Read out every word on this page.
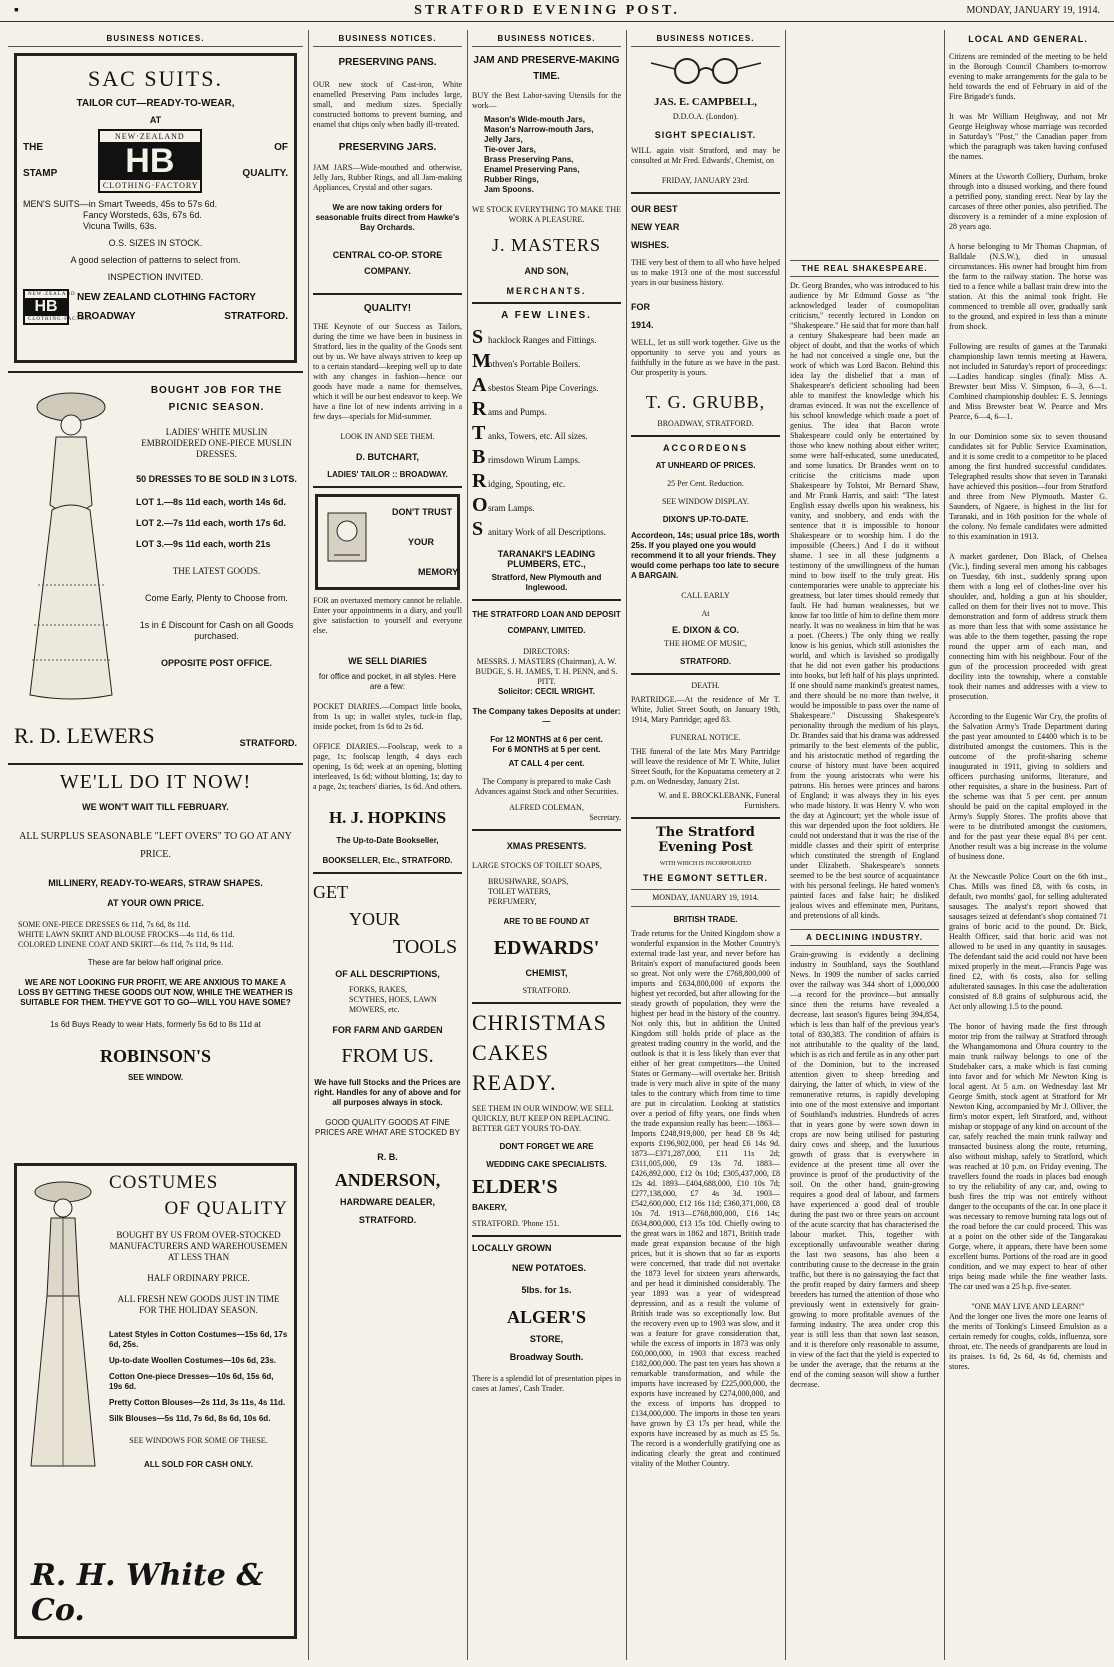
▪	STRATFORD EVENING POST.	MONDAY, JANUARY 19, 1914.
BUSINESS NOTICES.
SAC SUITS.
TAILOR CUT—READY-TO-WEAR,
AT
THE
STAMP
NEW·ZEALAND
HB
CLOTHING·FACTORY
OF
QUALITY.
MEN'S SUITS—in Smart Tweeds, 45s to 57s 6d.
Fancy Worsteds, 63s, 67s 6d.
Vicuna Twills, 63s.
O.S. SIZES IN STOCK.
A good selection of patterns to select from.
INSPECTION INVITED.
NEW·ZEALAND
HB
CLOTHING·FACTORY
NEW ZEALAND CLOTHING FACTORY
BROADWAY	STRATFORD.
BOUGHT JOB FOR THE
PICNIC SEASON.
LADIES' WHITE MUSLIN EMBROIDERED ONE-PIECE MUSLIN DRESSES.
50 DRESSES TO BE SOLD IN 3 LOTS.
LOT 1.—8s 11d each, worth 14s 6d.
LOT 2.—7s 11d each, worth 17s 6d.
LOT 3.—9s 11d each, worth 21s
THE LATEST GOODS.
Come Early, Plenty to Choose from.
1s in £ Discount for Cash on all Goods purchased.
OPPOSITE POST OFFICE.
R. D. LEWERS	STRATFORD.
WE'LL DO IT NOW!
WE WON'T WAIT TILL FEBRUARY.
ALL SURPLUS SEASONABLE "LEFT OVERS" TO GO AT ANY PRICE.
MILLINERY, READY-TO-WEARS, STRAW SHAPES.
AT YOUR OWN PRICE.
SOME ONE-PIECE DRESSES 6s 11d, 7s 6d, 8s 11d.
WHITE LAWN SKIRT AND BLOUSE FROCKS—4s 11d, 6s 11d.
COLORED LINENE COAT AND SKIRT—6s 11d, 7s 11d, 9s 11d.
These are far below half original price.
WE ARE NOT LOOKING FUR PROFIT, WE ARE ANXIOUS TO MAKE A LOSS BY GETTING THESE GOODS OUT NOW, WHILE THE WEATHER IS SUITABLE FOR THEM. THEY'VE GOT TO GO—WILL YOU HAVE SOME?
1s 6d Buys Ready to wear Hats, formerly 5s 6d to 8s 11d at
ROBINSON'S
SEE WINDOW.
COSTUMES
OF QUALITY
BOUGHT BY US FROM OVER-STOCKED MANUFACTURERS AND WAREHOUSEMEN AT LESS THAN
HALF ORDINARY PRICE.
ALL FRESH NEW GOODS JUST IN TIME FOR THE HOLIDAY SEASON.
Latest Styles in Cotton Costumes—15s 6d, 17s 6d, 25s.
Up-to-date Woollen Costumes—10s 6d, 23s.
Cotton One-piece Dresses—10s 6d, 15s 6d, 19s 6d.
Pretty Cotton Blouses—2s 11d, 3s 11s, 4s 11d.
Silk Blouses—5s 11d, 7s 6d, 8s 6d, 10s 6d.
SEE WINDOWS FOR SOME OF THESE.
ALL SOLD FOR CASH ONLY.
R. H. White & Co.
BUSINESS NOTICES.
PRESERVING PANS.
OUR new stock of Cast-iron, White enamelled Preserving Pans includes large, small, and medium sizes. Specially constructed bottoms to prevent burning, and enamel that chips only when badly ill-treated.
PRESERVING JARS.
JAM JARS—Wide-mouthed and otherwise, Jelly Jars, Rubber Rings, and all Jam-making Appliances, Crystal and other sugars.
We are now taking orders for seasonable fruits direct from Hawke's Bay Orchards.
CENTRAL CO-OP. STORE COMPANY.
QUALITY!
THE Keynote of our Success as Tailors, during the time we have been in business in Stratford, lies in the quality of the Goods sent out by us. We have always striven to keep up to a certain standard—keeping well up to date with any changes in fashion—hence our goods have made a name for themselves, which it will be our best endeavor to keep. We have a fine lot of new indents arriving in a few days—specials for Mid-summer.
LOOK IN AND SEE THEM.
D. BUTCHART,
LADIES' TAILOR :: BROADWAY.
DON'T TRUST
YOUR
MEMORY
FOR an overtaxed memory cannot be reliable. Enter your appointments in a diary, and you'll give satisfaction to yourself and everyone else.
WE SELL DIARIES
for office and pocket, in all styles. Here are a few:
POCKET DIARIES.—Compact little books, from 1s up; in wallet styles, tuck-in flap, inside pocket, from 1s 6d to 2s 6d.
OFFICE DIARIES.—Foolscap, week to a page, 1s; foolscap length, 4 days each opening, 1s 6d; week at an opening, blotting interleaved, 1s 6d; without blotting, 1s; day to a page, 2s; teachers' diaries, 1s 6d. And others.
H. J. HOPKINS
The Up-to-Date Bookseller,
BOOKSELLER, Etc., STRATFORD.
GET
YOUR
TOOLS
OF ALL DESCRIPTIONS,
FORKS, RAKES, SCYTHES, HOES, LAWN MOWERS, etc.
FOR FARM AND GARDEN
FROM US.
We have full Stocks and the Prices are right. Handles for any of above and for all purposes always in stock.
GOOD QUALITY GOODS AT FINE PRICES ARE WHAT ARE STOCKED BY
R. B.
ANDERSON,
HARDWARE DEALER,
STRATFORD.
BUSINESS NOTICES.
JAM AND PRESERVE-MAKING TIME.
BUY the Best Labor-saving Utensils for the work—
Mason's Wide-mouth Jars,
Mason's Narrow-mouth Jars,
Jelly Jars,
Tie-over Jars,
Brass Preserving Pans,
Enamel Preserving Pans,
Rubber Rings,
Jam Spoons.
WE STOCK EVERYTHING TO MAKE THE WORK A PLEASURE.
J. MASTERS
AND SON,
MERCHANTS.
A FEW LINES.
Shacklock Ranges and Fittings.
Mothven's Portable Boilers.
Asbestos Steam Pipe Coverings.
Rams and Pumps.
Tanks, Towers, etc. All sizes.
Brimsdown Wirum Lamps.
Ridging, Spouting, etc.
Osram Lamps.
Sanitary Work of all Descriptions.
TARANAKI'S LEADING PLUMBERS, ETC.,
Stratford, New Plymouth and Inglewood.
THE STRATFORD LOAN AND DEPOSIT COMPANY, LIMITED.
DIRECTORS:
MESSRS. J. MASTERS (Chairman), A. W. BUDGE, S. H. JAMES, T. H. PENN, and S. PITT.
Solicitor: CECIL WRIGHT.
The Company takes Deposits at under:—
For 12 MONTHS at 6 per cent.
For 6 MONTHS at 5 per cent.
AT CALL 4 per cent.
The Company is prepared to make Cash Advances against Stock and other Securities.
ALFRED COLEMAN,
Secretary.
XMAS PRESENTS.
LARGE STOCKS OF TOILET SOAPS,
BRUSHWARE, SOAPS, TOILET WATERS, PERFUMERY,
ARE TO BE FOUND AT
EDWARDS'
CHEMIST,
STRATFORD.
CHRISTMAS
CAKES
READY.
SEE THEM IN OUR WINDOW. WE SELL QUICKLY, BUT KEEP ON REPLACING. BETTER GET YOURS TO-DAY.
DON'T FORGET WE ARE
WEDDING CAKE SPECIALISTS.
ELDER'S
BAKERY,
STRATFORD. 'Phone 151.
LOCALLY GROWN
NEW POTATOES.
5lbs. for 1s.
ALGER'S
STORE,
Broadway South.
There is a splendid lot of presentation pipes in cases at James', Cash Trader.
BUSINESS NOTICES.
JAS. E. CAMPBELL,
D.D.O.A. (London).
SIGHT SPECIALIST.
WILL again visit Stratford, and may be consulted at Mr Fred. Edwards', Chemist, on
FRIDAY, JANUARY 23rd.
OUR BEST
NEW YEAR
WISHES.
THE very best of them to all who have helped us to make 1913 one of the most successful years in our business history.
FOR
1914.
WELL, let us still work together. Give us the opportunity to serve you and yours as faithfully in the future as we have in the past. Our prosperity is yours.
T. G. GRUBB,
BROADWAY, STRATFORD.
ACCORDEONS
AT UNHEARD OF PRICES.
25 Per Cent. Reduction.
SEE WINDOW DISPLAY.
DIXON'S UP-TO-DATE.
Accordeon, 14s; usual price 18s, worth 25s. If you played one you would recommend it to all your friends. They would come perhaps too late to secure A BARGAIN.
CALL EARLY
At
E. DIXON & CO.
THE HOME OF MUSIC,
STRATFORD.
DEATH.
PARTRIDGE.—At the residence of Mr T. White, Juliet Street South, on January 19th, 1914, Mary Partridge; aged 83.
FUNERAL NOTICE.
THE funeral of the late Mrs Mary Partridge will leave the residence of Mr T. White, Juliet Street South, for the Kopuatama cemetery at 2 p.m. on Wednesday, January 21st.
W. and E. BROCKLEBANK, Funeral Furnishers.
The Stratford Evening Post
WITH WHICH IS INCORPORATED
THE EGMONT SETTLER.
MONDAY, JANUARY 19, 1914.
BRITISH TRADE.
Trade returns for the United Kingdom show a wonderful expansion in the Mother Country's external trade last year, and never before has Britain's export of manufactured goods been so great. Not only were the £768,800,000 of imports and £634,800,000 of exports the highest yet recorded, but after allowing for the steady growth of population, they were the highest per head in the history of the country. Not only this, but in addition the United Kingdom still holds pride of place as the greatest trading country in the world, and the outlook is that it is less likely than ever that either of her great competitors—the United States or Germany—will overtake her. British trade is very much alive in spite of the many tales to the contrary which from time to time are put in circulation. Looking at statistics over a period of fifty years, one finds when the trade expansion really has been:—1863—Imports £248,919,000, per head £8 9s 4d; exports £196,902,000, per head £6 14s 9d. 1873—£371,287,000, £11 11s 2d; £311,005,000, £9 13s 7d. 1883—£426,892,000, £12 0s 10d; £305,437,000, £8 12s 4d. 1893—£404,688,000, £10 10s 7d; £277,138,000, £7 4s 3d. 1903—£542,600,000, £12 16s 11d; £360,371,000, £8 10s 7d. 1913—£768,800,000, £16 14s; £634,800,000, £13 15s 10d. Chiefly owing to the great wars in 1862 and 1871, British trade made great expansion because of the high prices, but it is shown that so far as exports were concerned, that trade did not overtake the 1873 level for sixteen years afterwards, and per head it diminished considerably. The year 1893 was a year of widespread depression, and as a result the volume of British trade was so exceptionally low. But the recovery even up to 1903 was slow, and it was a feature for grave consideration that, while the excess of imports in 1873 was only £60,000,000, in 1903 that excess reached £182,000,000. The past ten years has shown a remarkable transformation, and while the imports have increased by £225,000,000, the exports have increased by £274,000,000, and the excess of imports has dropped to £134,000,000. The imports in those ten years have grown by £3 17s per head, while the exports have increased by as much as £5 5s. The record is a wonderfully gratifying one as indicating clearly the great and continued vitality of the Mother Country.
THE REAL SHAKESPEARE.
Dr. Georg Brandes, who was introduced to his audience by Mr Edmund Gosse as "the acknowledged leader of cosmopolitan criticism," recently lectured in London on "Shakespeare." He said that for more than half a century Shakespeare had been made an object of doubt, and that the works of which he had not conceived a single one, but the work of which was Lord Bacon. Behind this idea lay the disbelief that a man of Shakespeare's deficient schooling had been able to manifest the knowledge which his dramas evinced. It was not the excellence of his school knowledge which made a poet of genius. The idea that Bacon wrote Shakespeare could only be entertained by those who knew nothing about either writer; some were half-educated, some uneducated, and some lunatics. Dr Brandes went on to criticise the criticisms made upon Shakespeare by Tolstoi, Mr Bernard Shaw, and Mr Frank Harris, and said: "The latest English essay dwells upon his weakness, his vanity, and snobbery, and ends with the sentence that it is impossible to honour Shakespeare or to worship him. I do the impossible (Cheers.) And I do it without shame. I see in all these judgments a testimony of the unwillingness of the human mind to bow itself to the truly great. His contemporaries were unable to appreciate his greatness, but later times should remedy that fault. He had human weaknesses, but we know far too little of him to define them more nearly. It was no weakness in him that he was a poet. (Cheers.) The only thing we really know is his genius, which still astonishes the world, and which is lavished so prodigally that he did not even gather his productions into books, but left half of his plays unprinted. If one should name mankind's greatest names, and there should be no more than twelve, it would be impossible to pass over the name of Shakespeare." Discussing Shakespeare's personality through the medium of his plays, Dr. Brandes said that his drama was addressed primarily to the best elements of the public, and his aristocratic method of regarding the course of history must have been acquired from the young aristocrats who were his patrons. His heroes were princes and barons of England; it was always they in his eyes who made history. It was Henry V. who won the day at Agincourt; yet the whole issue of this war depended upon the foot soldiers. He could not understand that it was the rise of the middle classes and their spirit of enterprise which constituted the strength of England under Elizabeth. Shakespeare's sonnets seemed to be the best source of acquaintance with his personal feelings. He hated women's painted faces and false hair; he disliked jealous wives and effeminate men, Puritans, and pretensions of all kinds.
A DECLINING INDUSTRY.
Grain-growing is evidently a declining industry in Southland, says the Southland News. In 1909 the number of sacks carried over the railway was 344 short of 1,000,000—a record for the province—but annually since then the returns have revealed a decrease, last season's figures being 394,854, which is less than half of the previous year's total of 830,383. The condition of affairs is not attributable to the quality of the land, which is as rich and fertile as in any other part of the Dominion, but to the increased attention given to sheep breeding and dairying, the latter of which, in view of the remunerative returns, is rapidly developing into one of the most extensive and important of Southland's industries. Hundreds of acres that in years gone by were sown down in crops are now being utilised for pasturing dairy cows and sheep, and the luxurious growth of grass that is everywhere in evidence at the present time all over the province is proof of the productivity of the soil. On the other hand, grain-growing requires a good deal of labour, and farmers have experienced a good deal of trouble during the past two or three years on account of the acute scarcity that has characterised the labour market. This, together with exceptionally unfavourable weather during the last two seasons, has also been a contributing cause to the decrease in the grain traffic, but there is no gainsaying the fact that the profit reaped by dairy farmers and sheep breeders has turned the attention of those who previously went in extensively for grain-growing to more profitable avenues of the farming industry. The area under crop this year is still less than that sown last season, and it is therefore only reasonable to assume, in view of the fact that the yield is expected to be under the average, that the returns at the end of the coming season will show a further decrease.
LOCAL AND GENERAL.
Citizens are reminded of the meeting to be held in the Borough Council Chambers to-morrow evening to make arrangements for the gala to be held towards the end of February in aid of the Fire Brigade's funds.

It was Mr William Heighway, and not Mr George Heighway whose marriage was recorded in Saturday's "Post," the Canadian paper from which the paragraph was taken having confused the names.

Miners at the Usworth Colliery, Durham, broke through into a disused working, and there found a petrified pony, standing erect. Near by lay the carcases of three other ponies, also petrified. The discovery is a reminder of a mine explosion of 28 years ago.

A horse belonging to Mr Thomas Chapman, of Balldale (N.S.W.), died in unusual circumstances. His owner had brought him from the farm to the railway station. The horse was tied to a fence while a ballast train drew into the station. At this the animal took fright. He commenced to tremble all over, gradually sank to the ground, and expired in less than a minute from shock.

Following are results of games at the Taranaki championship lawn tennis meeting at Hawera, not included in Saturday's report of proceedings:—Ladies handicap singles (final): Miss A. Brewster beat Miss V. Simpson, 6—3, 6—1. Combined championship doubles: E. S. Jennings and Miss Brewster beat W. Pearce and Mrs Pearce, 6—4, 6—1.

In our Dominion some six to seven thousand candidates sit for Public Service Examination, and it is some credit to a competitor to be placed among the first hundred successful candidates. Telegraphed results show that seven in Taranaki have achieved this position—four from Stratford and three from New Plymouth. Master G. Saunders, of Ngaere, is highest in the list for Taranaki, and in 16th position for the whole of the colony. No female candidates were admitted to this examination in 1913.

A market gardener, Don Black, of Chelsea (Vic.), finding several men among his cabbages on Tuesday, 6th inst., suddenly sprang upon them with a long eel of clothes-line over his shoulder, and, holding a gun at his shoulder, called on them for their lives not to move. This demonstration and form of address struck them as more than less that with some assistance he was able to the them together, passing the rope round the upper arm of each man, and connecting him with his neighbour. Four of the gun of the procession proceeded with great docility into the township, where a constable took their names and addresses with a view to prosecution.

According to the Eugenic War Cry, the profits of the Salvation Army's Trade Department during the past year amounted to £4400 which is to be distributed amongst the customers. This is the outcome of the profit-sharing scheme inaugurated in 1911, giving to soldiers and officers purchasing uniforms, literature, and other requisites, a share in the business. Part of the scheme was that 5 per cent. per annum should be paid on the capital employed in the Army's Supply Stores. The profits above that were to be distributed amongst the customers, and for the past year these equal 8½ per cent. Another result was a big increase in the volume of business done.

At the Newcastle Police Court on the 6th inst., Chas. Mills was fined £8, with 6s costs, in default, two months' gaol, for selling adulterated sausages. The analyst's report showed that sausages seized at defendant's shop contained 71 grains of boric acid to the pound. Dr. Bick, Health Officer, said that boric acid was not allowed to be used in any quantity in sausages. The defendant said the acid could not have been mixed properly in the meat.—Francis Page was fined £2, with 6s costs, also for selling adulterated sausages. In this case the adulteration consisted of 8.8 grains of sulphurous acid, the Act only allowing 1.5 to the pound.

The honor of having made the first through motor trip from the railway at Stratford through the Whangamomona and Ohura country to the main trunk railway belongs to one of the Studebaker cars, a make which is fast coming into favor and for which Mr Newton King is local agent. At 5 a.m. on Wednesday last Mr George Smith, stock agent at Stratford for Mr Newton King, accompanied by Mr J. Olliver, the firm's motor expert, left Stratford, and, without mishap or stoppage of any kind on account of the car, safely reached the main trunk railway and transacted business along the route, returning, also without mishap, safely to Stratford, which was reached at 10 p.m. on Friday evening. The travellers found the roads in places bad enough to try the reliability of any car, and, owing to bush fires the trip was not entirely without danger to the occupants of the car. In one place it was necessary to remove burning rata logs out of the road before the car could proceed. This was at a point on the other side of the Tangarakau Gorge, where, it appears, there have been some excellent burns. Portions of the road are in good condition, and we may expect to hear of other trips being made while the fine weather lasts. The car used was a 25 h.p. five-seater.
"ONE MAY LIVE AND LEARN!"
And the longer one lives the more one learns of the merits of Tonking's Linseed Emulsion as a certain remedy for coughs, colds, influenza, sore throat, etc. The needs of grandparents are loud in its praises. 1s 6d, 2s 6d, 4s 6d, chemists and stores.
